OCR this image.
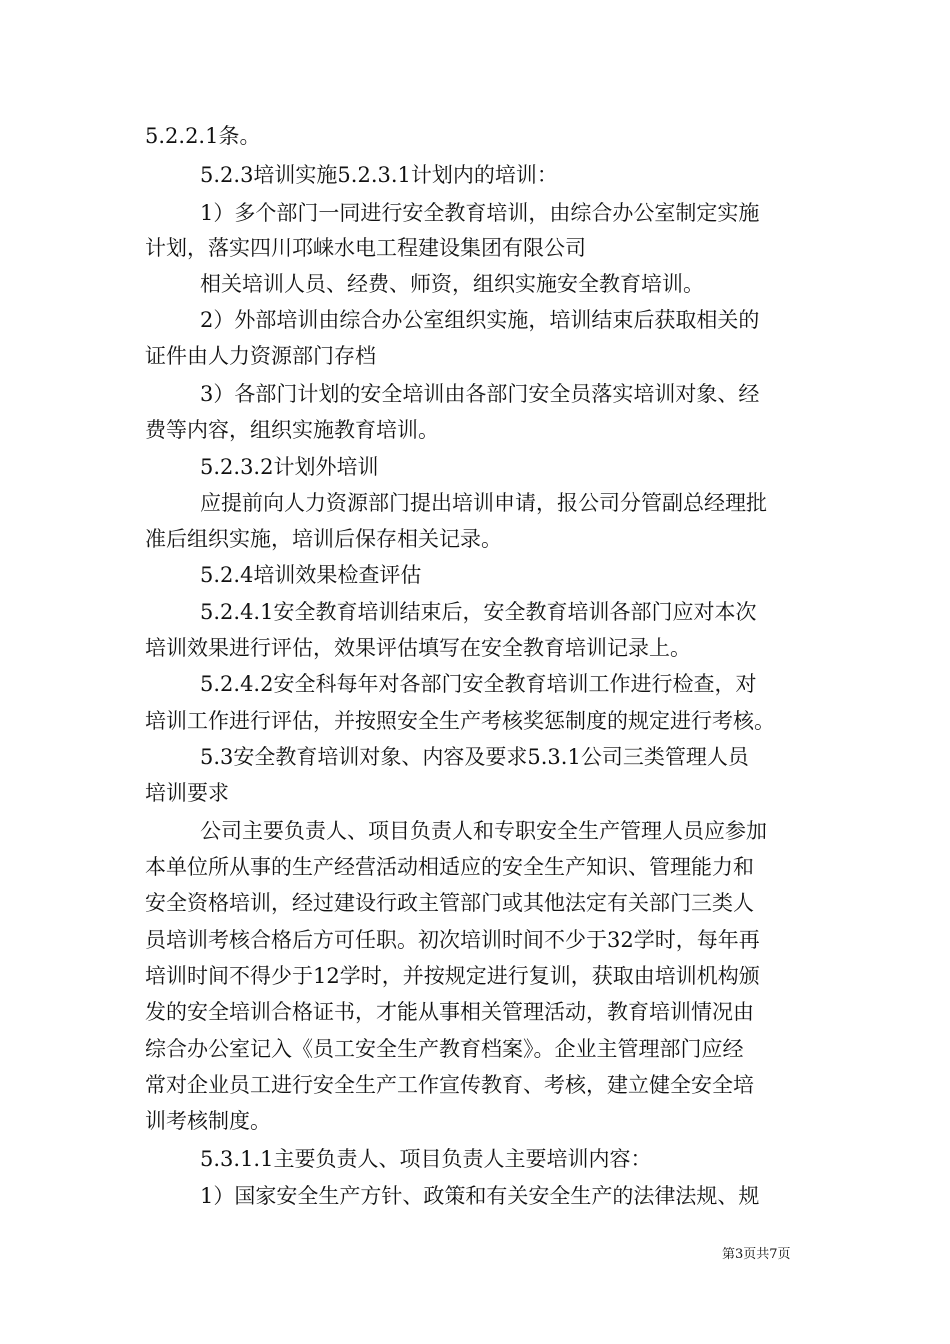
5.2.2.1条。
5.2.3培训实施5.2.3.1计划内的培训：
1）多个部门一同进行安全教育培训，由综合办公室制定实施
计划，落实四川邛崃水电工程建设集团有限公司
相关培训人员、经费、师资，组织实施安全教育培训。
2）外部培训由综合办公室组织实施，培训结束后获取相关的
证件由人力资源部门存档
3）各部门计划的安全培训由各部门安全员落实培训对象、经
费等内容，组织实施教育培训。
5.2.3.2计划外培训
应提前向人力资源部门提出培训申请，报公司分管副总经理批
准后组织实施，培训后保存相关记录。
5.2.4培训效果检查评估
5.2.4.1安全教育培训结束后，安全教育培训各部门应对本次
培训效果进行评估，效果评估填写在安全教育培训记录上。
5.2.4.2安全科每年对各部门安全教育培训工作进行检查，对
培训工作进行评估，并按照安全生产考核奖惩制度的规定进行考核。
5.3安全教育培训对象、内容及要求5.3.1公司三类管理人员
培训要求
公司主要负责人、项目负责人和专职安全生产管理人员应参加
本单位所从事的生产经营活动相适应的安全生产知识、管理能力和
安全资格培训，经过建设行政主管部门或其他法定有关部门三类人
员培训考核合格后方可任职。初次培训时间不少于32学时，每年再
培训时间不得少于12学时，并按规定进行复训，获取由培训机构颁
发的安全培训合格证书，才能从事相关管理活动，教育培训情况由
综合办公室记入《员工安全生产教育档案》。企业主管理部门应经
常对企业员工进行安全生产工作宣传教育、考核，建立健全安全培
训考核制度。
5.3.1.1主要负责人、项目负责人主要培训内容：
1）国家安全生产方针、政策和有关安全生产的法律法规、规
第3页共7页
